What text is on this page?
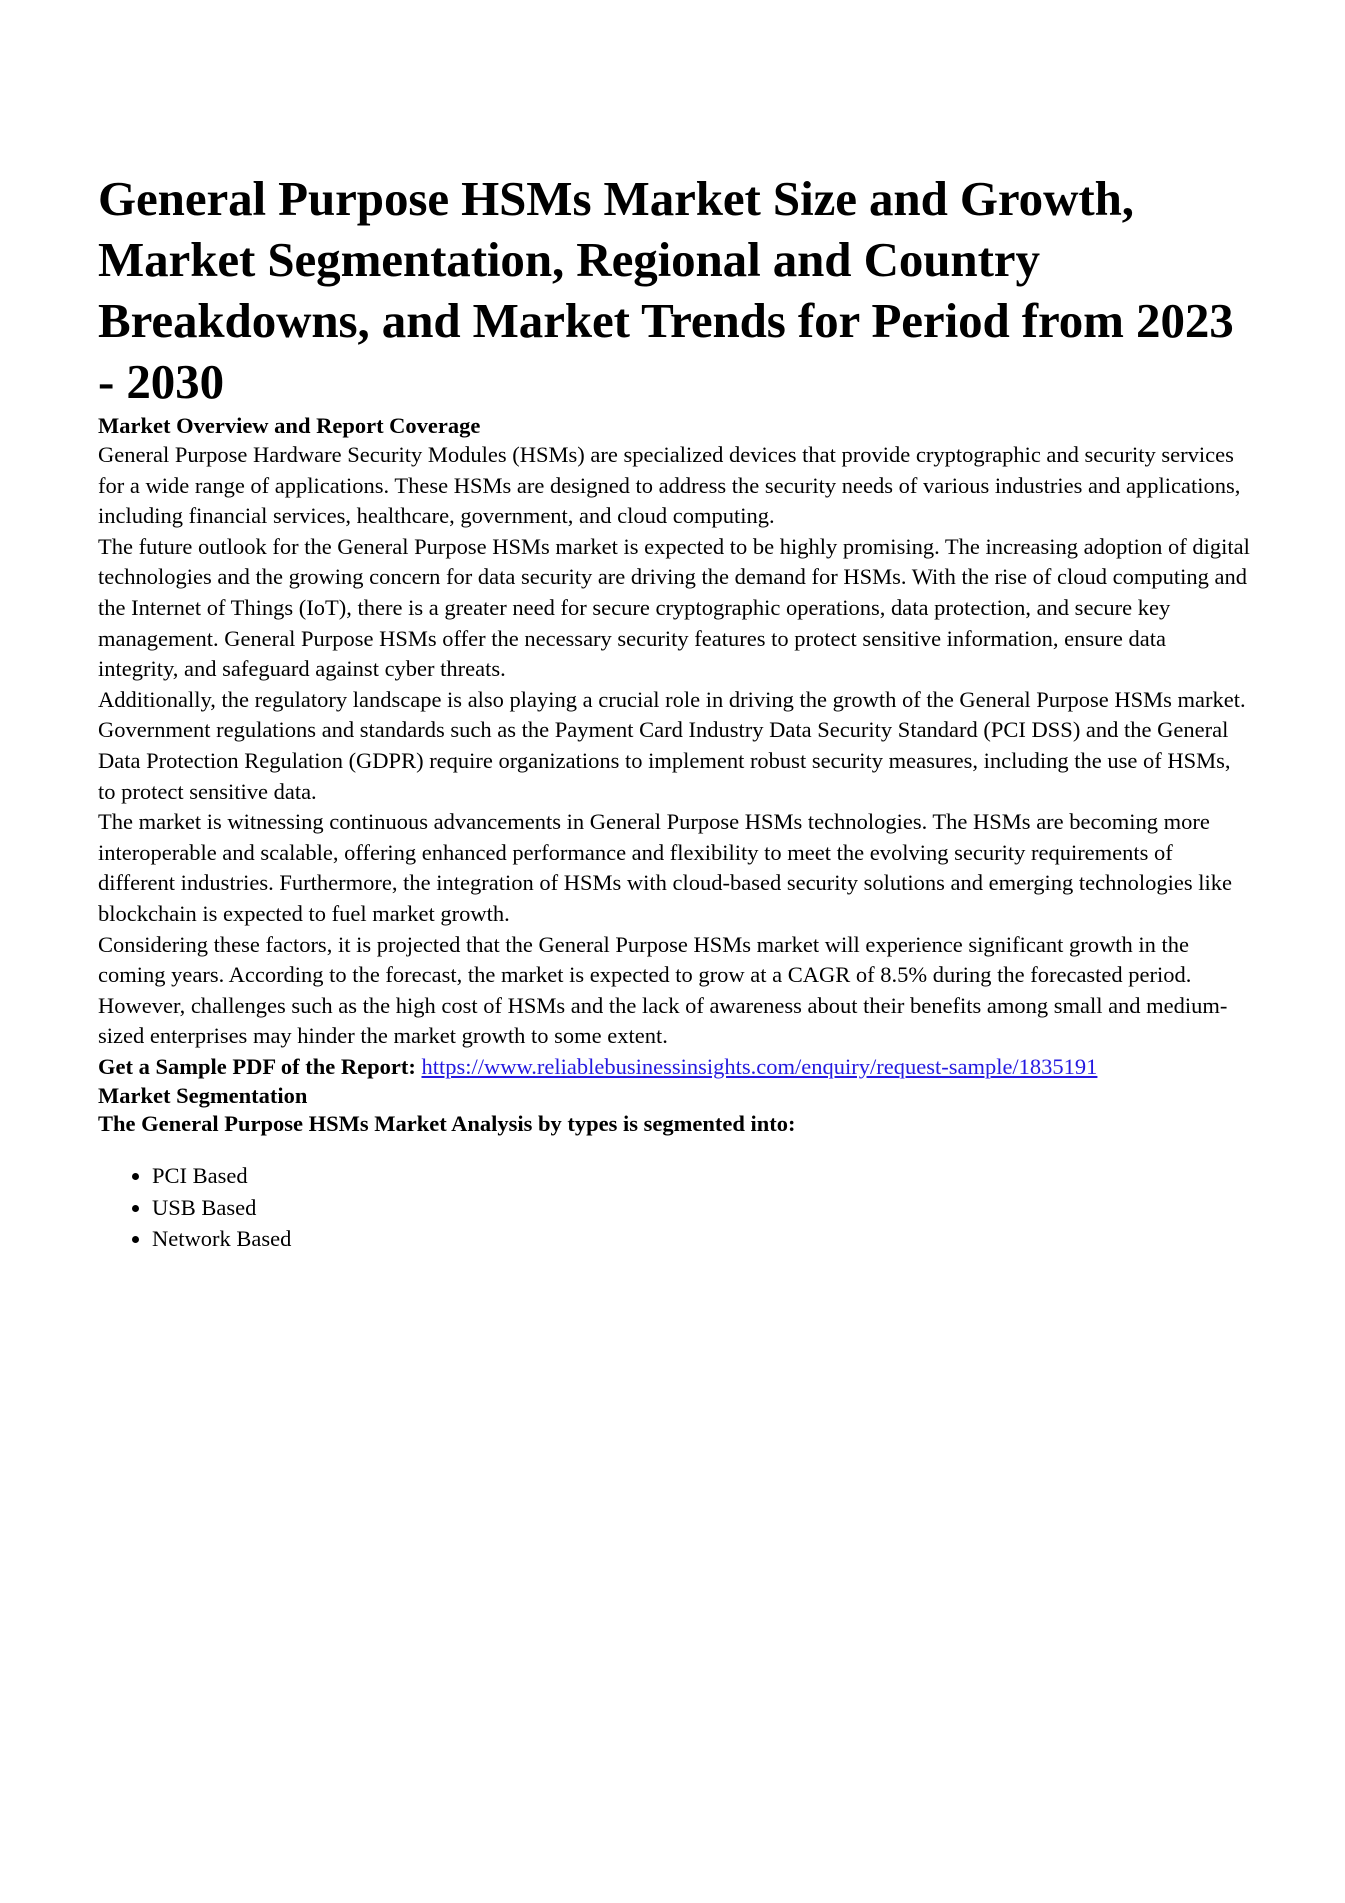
General Purpose HSMs Market Size and Growth, Market Segmentation, Regional and Country Breakdowns, and Market Trends for Period from 2023 - 2030
Market Overview and Report Coverage

General Purpose Hardware Security Modules (HSMs) are specialized devices that provide cryptographic and security services for a wide range of applications. These HSMs are designed to address the security needs of various industries and applications, including financial services, healthcare, government, and cloud computing.

The future outlook for the General Purpose HSMs market is expected to be highly promising. The increasing adoption of digital technologies and the growing concern for data security are driving the demand for HSMs. With the rise of cloud computing and the Internet of Things (IoT), there is a greater need for secure cryptographic operations, data protection, and secure key management. General Purpose HSMs offer the necessary security features to protect sensitive information, ensure data integrity, and safeguard against cyber threats.

Additionally, the regulatory landscape is also playing a crucial role in driving the growth of the General Purpose HSMs market. Government regulations and standards such as the Payment Card Industry Data Security Standard (PCI DSS) and the General Data Protection Regulation (GDPR) require organizations to implement robust security measures, including the use of HSMs, to protect sensitive data.

The market is witnessing continuous advancements in General Purpose HSMs technologies. The HSMs are becoming more interoperable and scalable, offering enhanced performance and flexibility to meet the evolving security requirements of different industries. Furthermore, the integration of HSMs with cloud-based security solutions and emerging technologies like blockchain is expected to fuel market growth.

Considering these factors, it is projected that the General Purpose HSMs market will experience significant growth in the coming years. According to the forecast, the market is expected to grow at a CAGR of 8.5% during the forecasted period. However, challenges such as the high cost of HSMs and the lack of awareness about their benefits among small and medium-sized enterprises may hinder the market growth to some extent.

Get a Sample PDF of the Report: https://www.reliablebusinessinsights.com/enquiry/request-sample/1835191

Market Segmentation
The General Purpose HSMs Market Analysis by types is segmented into:
• PCI Based
• USB Based
• Network Based
